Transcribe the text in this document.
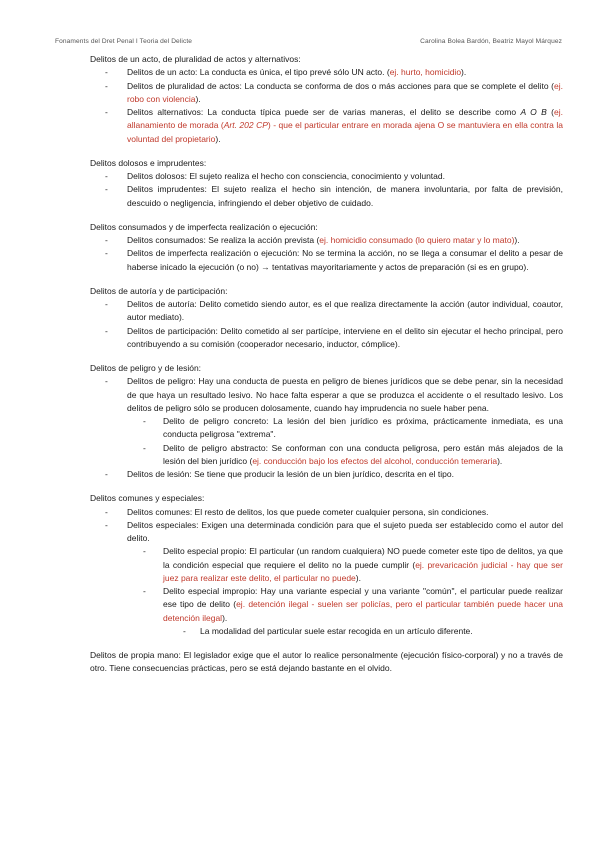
Fonaments del Dret Penal I Teoria del Delicte	Carolina Bolea Bardón, Beatriz Mayol Márquez

Delitos de un acto, de pluralidad de actos y alternativos:

- Delitos de un acto: La conducta es única, el tipo prevé sólo UN acto. (ej. hurto, homicidio).
- Delitos de pluralidad de actos: La conducta se conforma de dos o más acciones para que se complete el delito (ej. robo con violencia).
- Delitos alternativos: La conducta típica puede ser de varias maneras, el delito se describe como A O B (ej. allanamiento de morada (Art. 202 CP) - que el particular entrare en morada ajena O se mantuviera en ella contra la voluntad del propietario).

Delitos dolosos e imprudentes:

- Delitos dolosos: El sujeto realiza el hecho con consciencia, conocimiento y voluntad.
- Delitos imprudentes: El sujeto realiza el hecho sin intención, de manera involuntaria, por falta de previsión, descuido o negligencia, infringiendo el deber objetivo de cuidado.

Delitos consumados y de imperfecta realización o ejecución:

- Delitos consumados: Se realiza la acción prevista (ej. homicidio consumado (lo quiero matar y lo mato)).
- Delitos de imperfecta realización o ejecución: No se termina la acción, no se llega a consumar el delito a pesar de haberse inicado la ejecución (o no) → tentativas mayoritariamente y actos de preparación (si es en grupo).

Delitos de autoría y de participación:

- Delitos de autoría: Delito cometido siendo autor, es el que realiza directamente la acción (autor individual, coautor, autor mediato).
- Delitos de participación: Delito cometido al ser partícipe, interviene en el delito sin ejecutar el hecho principal, pero contribuyendo a su comisión (cooperador necesario, inductor, cómplice).

Delitos de peligro y de lesión:

- Delitos de peligro: Hay una conducta de puesta en peligro de bienes jurídicos que se debe penar, sin la necesidad de que haya un resultado lesivo. No hace falta esperar a que se produzca el accidente o el resultado lesivo. Los delitos de peligro sólo se producen dolosamente, cuando hay imprudencia no suele haber pena.
- Delito de peligro concreto: La lesión del bien jurídico es próxima, prácticamente inmediata, es una conducta peligrosa "extrema".
- Delito de peligro abstracto: Se conforman con una conducta peligrosa, pero están más alejados de la lesión del bien jurídico (ej. conducción bajo los efectos del alcohol, conducción temeraria).
- Delitos de lesión: Se tiene que producir la lesión de un bien jurídico, descrita en el tipo.

Delitos comunes y especiales:

- Delitos comunes: El resto de delitos, los que puede cometer cualquier persona, sin condiciones.
- Delitos especiales: Exigen una determinada condición para que el sujeto pueda ser establecido como el autor del delito.
- Delito especial propio: El particular (un random cualquiera) NO puede cometer este tipo de delitos, ya que la condición especial que requiere el delito no la puede cumplir (ej. prevaricación judicial - hay que ser juez para realizar este delito, el particular no puede).
- Delito especial impropio: Hay una variante especial y una variante "común", el particular puede realizar ese tipo de delito (ej. detención ilegal - suelen ser policías, pero el particular también puede hacer una detención ilegal).
- La modalidad del particular suele estar recogida en un artículo diferente.

Delitos de propia mano: El legislador exige que el autor lo realice personalmente (ejecución físico-corporal) y no a través de otro. Tiene consecuencias prácticas, pero se está dejando bastante en el olvido.
